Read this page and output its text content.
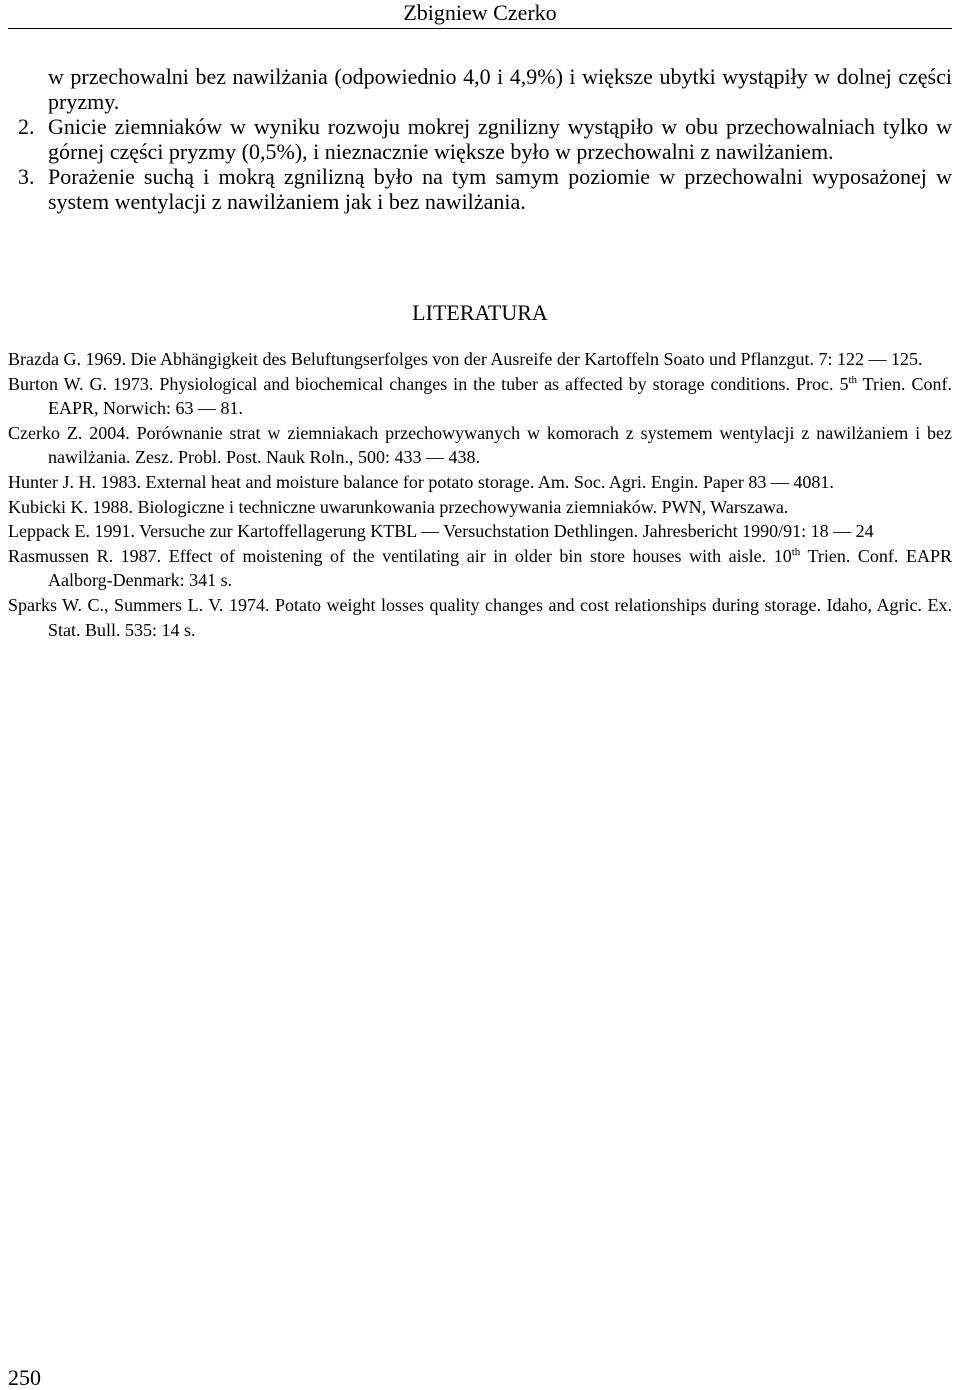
Zbigniew Czerko

w przechowalni bez nawilżania (odpowiednio 4,0 i 4,9%) i większe ubytki wystąpiły w dolnej części pryzmy.

2. Gnicie ziemniaków w wyniku rozwoju mokrej zgnilizny wystąpiło w obu przechowalniach tylko w górnej części pryzmy (0,5%), i nieznacznie większe było w przechowalni z nawilżaniem.

3. Porażenie suchą i mokrą zgnilizną było na tym samym poziomie w przechowalni wyposażonej w system wentylacji z nawilżaniem jak i bez nawilżania.

LITERATURA

Brazda G. 1969. Die Abhängigkeit des Beluftungserfolges von der Ausreife der Kartoffeln Soato und Pflanzgut. 7: 122 — 125.

Burton W. G. 1973. Physiological and biochemical changes in the tuber as affected by storage conditions. Proc. 5th Trien. Conf. EAPR, Norwich: 63 — 81.

Czerko Z. 2004. Porównanie strat w ziemniakach przechowywanych w komorach z systemem wentylacji z nawilżaniem i bez nawilżania. Zesz. Probl. Post. Nauk Roln., 500: 433 — 438.

Hunter J. H. 1983. External heat and moisture balance for potato storage. Am. Soc. Agri. Engin. Paper 83 — 4081.

Kubicki K. 1988. Biologiczne i techniczne uwarunkowania przechowywania ziemniaków. PWN, Warszawa.

Leppack E. 1991. Versuche zur Kartoffellagerung KTBL — Versuchstation Dethlingen. Jahresbericht 1990/91: 18 — 24

Rasmussen R. 1987. Effect of moistening of the ventilating air in older bin store houses with aisle. 10th Trien. Conf. EAPR Aalborg-Denmark: 341 s.

Sparks W. C., Summers L. V. 1974. Potato weight losses quality changes and cost relationships during storage. Idaho, Agric. Ex. Stat. Bull. 535: 14 s.

250
